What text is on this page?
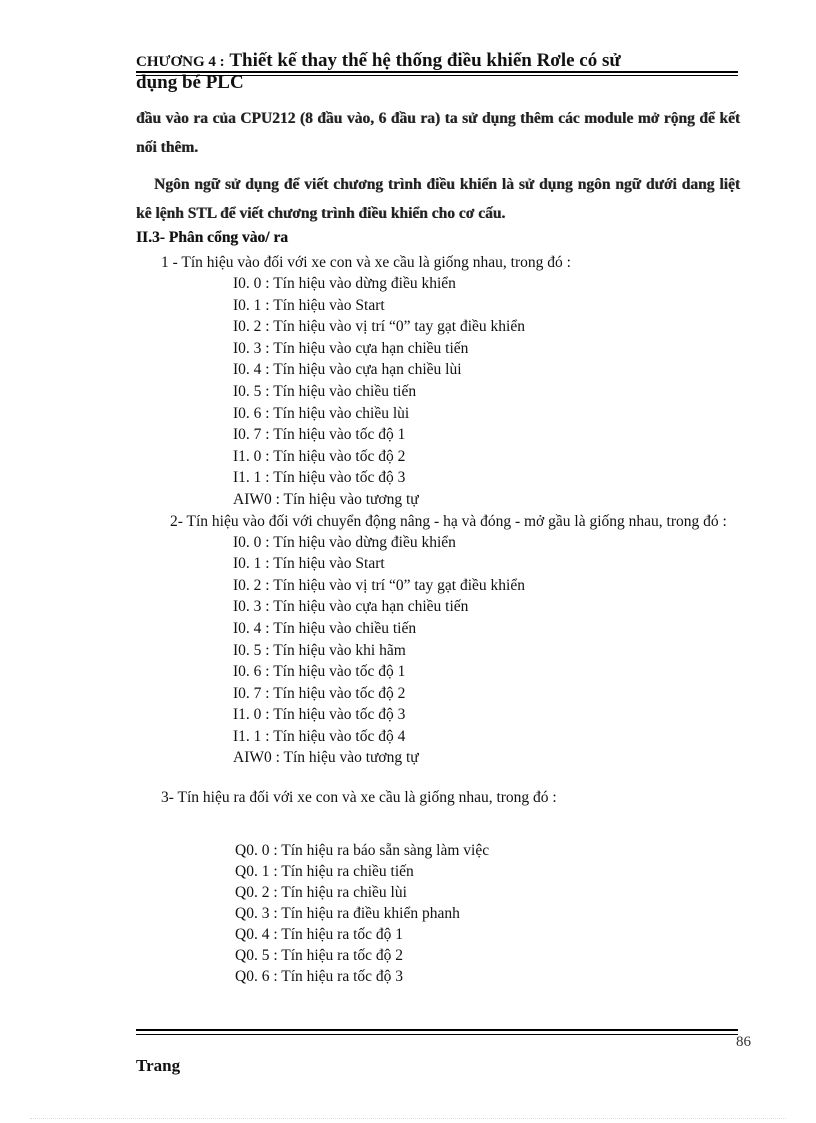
CHƯƠNG 4 : Thiết kế thay thế hệ thống điều khiển Rơle có sử
dụng bé PLC
đầu vào ra của CPU212 (8 đầu vào, 6 đầu ra) ta sử dụng thêm các module mở rộng để kết nối thêm.
Ngôn ngữ sử dụng để viết chương trình điều khiển là sử dụng ngôn ngữ dưới dang liệt kê lệnh STL để viết chương trình điều khiển cho cơ cấu.
II.3- Phân cổng vào/ ra
1 - Tín hiệu vào đối với xe con và xe cầu là giống nhau, trong đó :
I0. 0 : Tín hiệu vào dừng điều khiển
I0. 1 : Tín hiệu vào Start
I0. 2 : Tín hiệu vào vị trí “0” tay gạt điều khiển
I0. 3 : Tín hiệu vào cựa hạn chiều tiến
I0. 4 : Tín hiệu vào cựa hạn chiều lùi
I0. 5 : Tín hiệu vào chiều tiến
I0. 6 : Tín hiệu vào chiều lùi
I0. 7 : Tín hiệu vào tốc độ 1
I1. 0 : Tín hiệu vào tốc độ 2
I1. 1 : Tín hiệu vào tốc độ 3
AIW0 : Tín hiệu vào tương tự
2- Tín hiệu vào đối với chuyển động nâng - hạ và đóng - mở gầu là giống nhau, trong đó :
I0. 0 : Tín hiệu vào dừng điều khiển
I0. 1 : Tín hiệu vào Start
I0. 2 : Tín hiệu vào vị trí “0” tay gạt điều khiển
I0. 3 : Tín hiệu vào cựa hạn chiều tiến
I0. 4 : Tín hiệu vào chiều tiến
I0. 5 : Tín hiệu vào khi hãm
I0. 6 : Tín hiệu vào tốc độ 1
I0. 7 : Tín hiệu vào tốc độ 2
I1. 0 : Tín hiệu vào tốc độ 3
I1. 1 : Tín hiệu vào tốc độ 4
AIW0 : Tín hiệu vào tương tự
3- Tín hiệu ra đối với xe con và xe cầu là giống nhau, trong đó :
Q0. 0 : Tín hiệu ra báo sẵn sàng làm việc
Q0. 1 : Tín hiệu ra chiều tiến
Q0. 2 : Tín hiệu ra chiều lùi
Q0. 3 : Tín hiệu ra điều khiển phanh
Q0. 4 : Tín hiệu ra tốc độ 1
Q0. 5 : Tín hiệu ra tốc độ 2
Q0. 6 : Tín hiệu ra tốc độ 3
86
Trang
